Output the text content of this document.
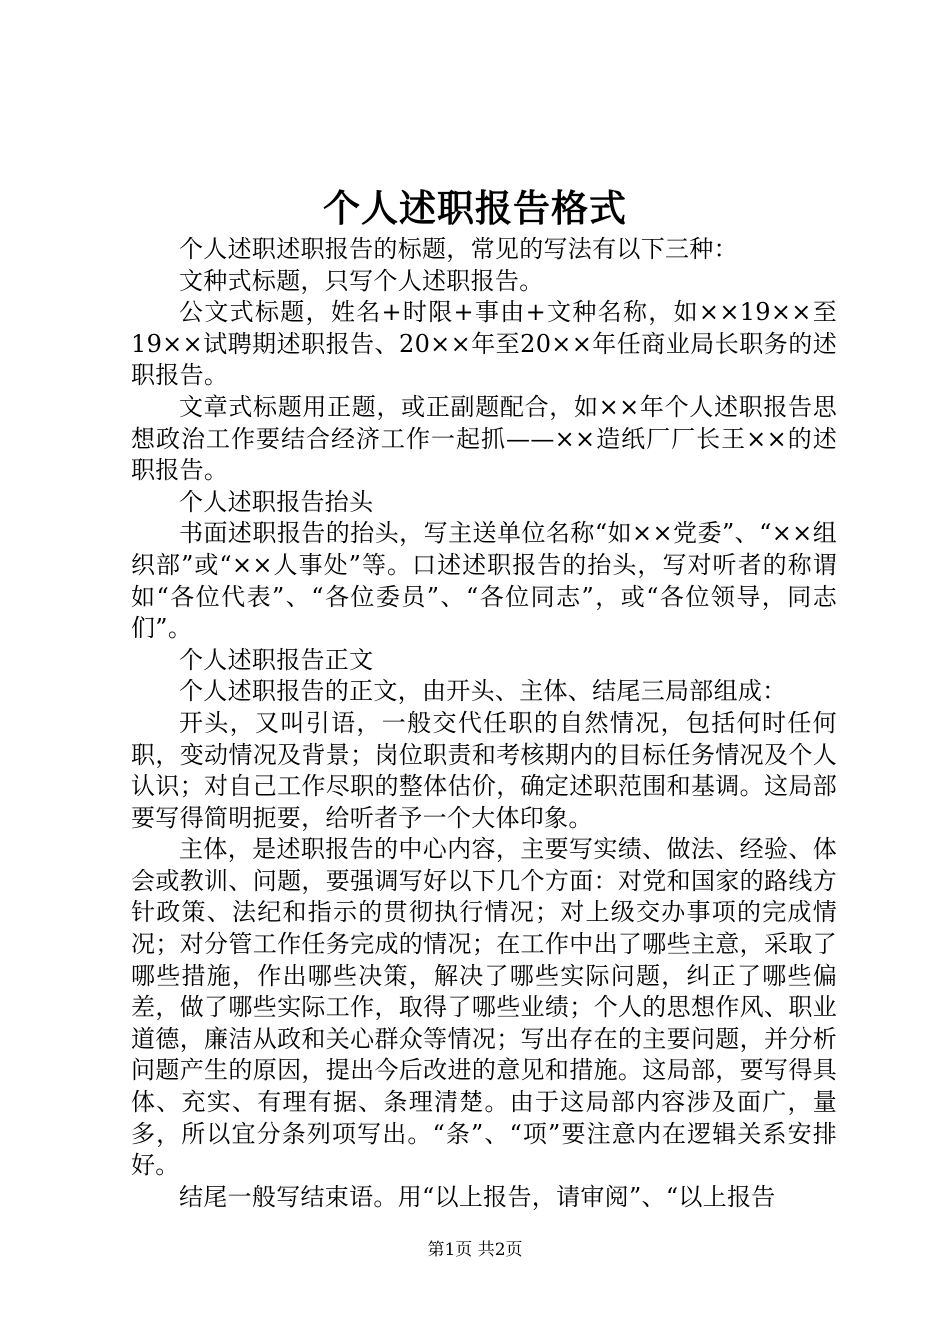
个人述职报告格式

个人述职述职报告的标题，常见的写法有以下三种：

文种式标题，只写个人述职报告。

公文式标题，姓名+时限+事由+文种名称，如××19××至19××试聘期述职报告、20××年至20××年任商业局长职务的述职报告。

文章式标题用正题，或正副题配合，如××年个人述职报告思想政治工作要结合经济工作一起抓——××造纸厂厂长王××的述职报告。

个人述职报告抬头

书面述职报告的抬头，写主送单位名称“如××党委”、“××组织部”或“××人事处”等。口述述职报告的抬头，写对听者的称谓如“各位代表”、“各位委员”、“各位同志”，或“各位领导，同志们”。

个人述职报告正文

个人述职报告的正文，由开头、主体、结尾三局部组成：

开头，又叫引语，一般交代任职的自然情况，包括何时任何职，变动情况及背景；岗位职责和考核期内的目标任务情况及个人认识；对自己工作尽职的整体估价，确定述职范围和基调。这局部要写得简明扼要，给听者予一个大体印象。

主体，是述职报告的中心内容，主要写实绩、做法、经验、体会或教训、问题，要强调写好以下几个方面：对党和国家的路线方针政策、法纪和指示的贯彻执行情况；对上级交办事项的完成情况；对分管工作任务完成的情况；在工作中出了哪些主意，采取了哪些措施，作出哪些决策，解决了哪些实际问题，纠正了哪些偏差，做了哪些实际工作，取得了哪些业绩；个人的思想作风、职业道德，廉洁从政和关心群众等情况；写出存在的主要问题，并分析问题产生的原因，提出今后改进的意见和措施。这局部，要写得具体、充实、有理有据、条理清楚。由于这局部内容涉及面广，量多，所以宜分条列项写出。“条”、“项”要注意内在逻辑关系安排好。

结尾一般写结束语。用“以上报告，请审阅”、“以上报告

第1页 共2页
